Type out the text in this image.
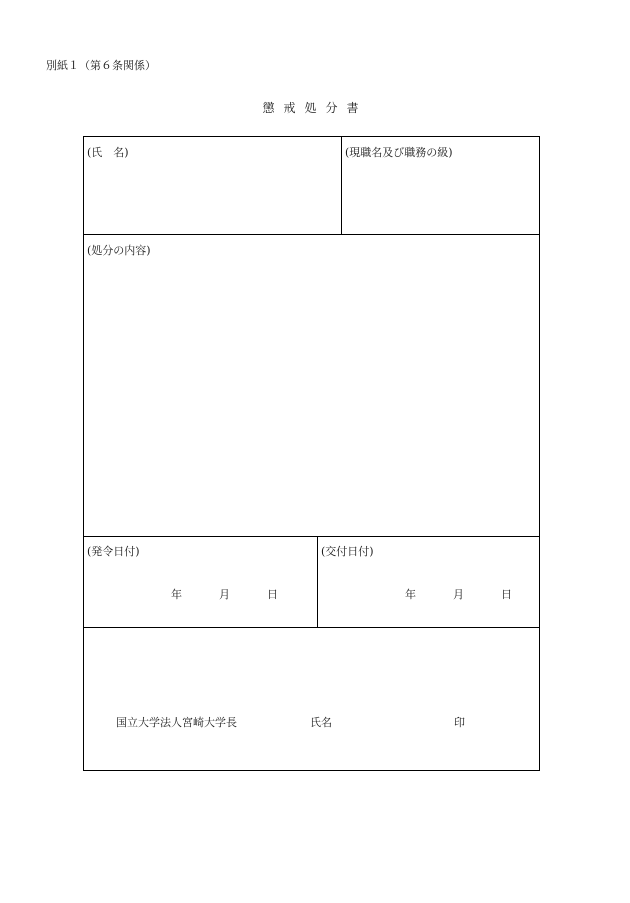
別紙１（第６条関係）
懲戒処分書
(氏　名)	(現職名及び職務の級)
(処分の内容)
(発令日付)	(交付日付)
年	月	日	年	月	日
国立大学法人宮崎大学長	氏名	印
